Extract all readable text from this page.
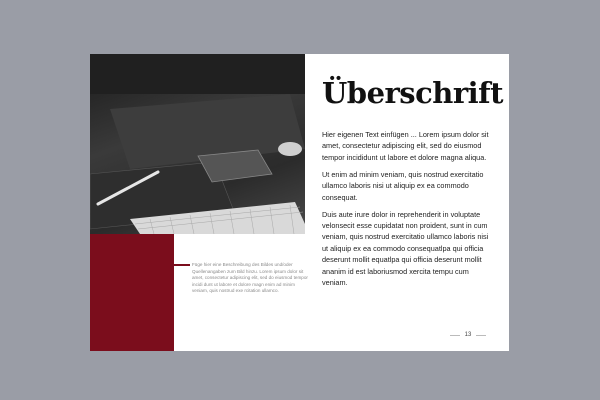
Füge hier eine Beschreibung des Bildes und/oder Quellenangaben zum Bild hinzu. Lorem ipsum dolor sit amet, consectetur adipiscing elit, sed do eiusmod tempor incidi dunt ut labore et dolore magn enim ad minim veniam, quis nostrud exe rcitation ullamco.
Überschrift

Hier eigenen Text einfügen ... Lorem ipsum dolor sit amet, consectetur adipiscing elit, sed do eiusmod tempor incididunt ut labore et dolore magna aliqua.

Ut enim ad minim veniam, quis nostrud exercitatio ullamco laboris nisi ut aliquip ex ea commodo consequat.

Duis aute irure dolor in reprehenderit in voluptate velonsecit esse cupidatat non proident, sunt in cum veniam, quis nostrud exercitatio ullamco laboris nisi ut aliquip ex ea commodo consequatlpa qui officia deserunt mollit equatlpa qui officia deserunt mollit ananim id est laboriusmod xercita tempu cum veniam.

13
